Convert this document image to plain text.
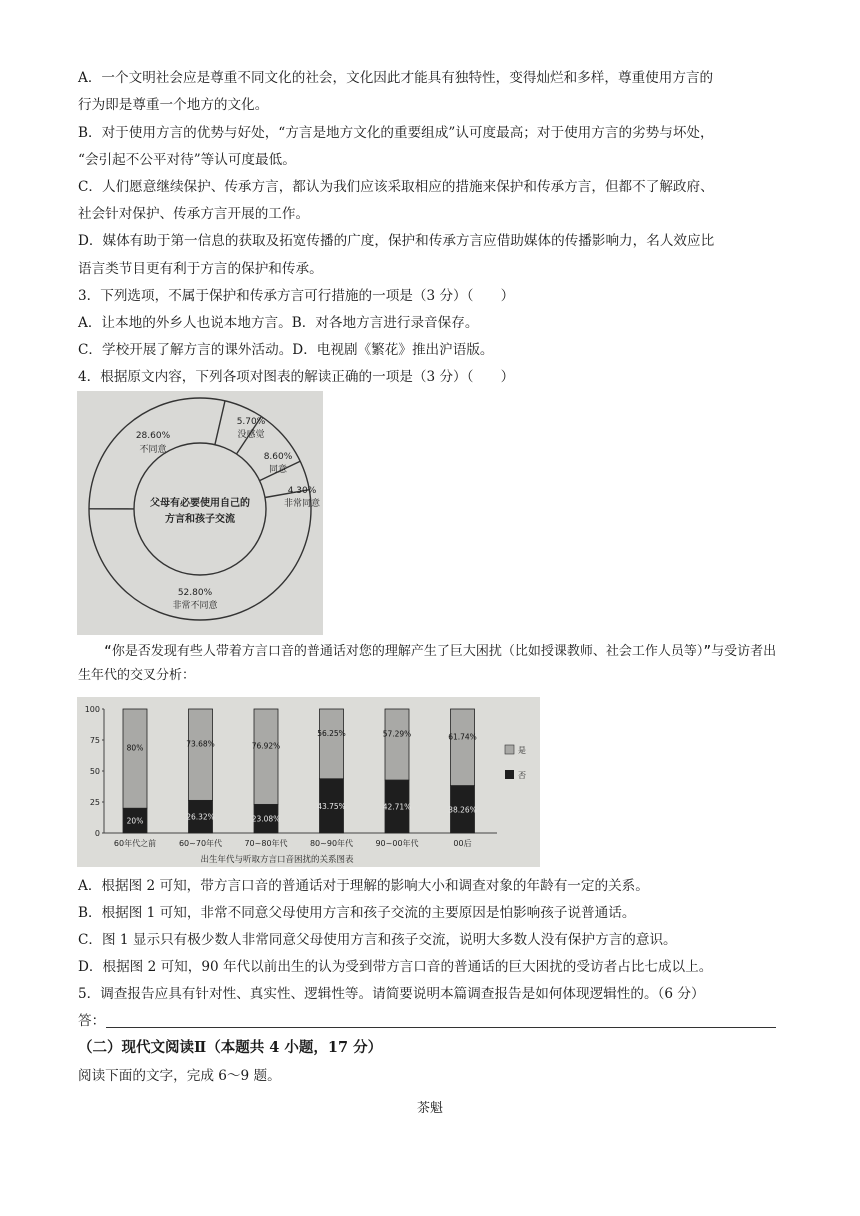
A．一个文明社会应是尊重不同文化的社会，文化因此才能具有独特性，变得灿烂和多样，尊重使用方言的
行为即是尊重一个地方的文化。
B．对于使用方言的优势与好处，“方言是地方文化的重要组成”认可度最高；对于使用方言的劣势与坏处，
“会引起不公平对待”等认可度最低。
C．人们愿意继续保护、传承方言，都认为我们应该采取相应的措施来保护和传承方言，但都不了解政府、
社会针对保护、传承方言开展的工作。
D．媒体有助于第一信息的获取及拓宽传播的广度，保护和传承方言应借助媒体的传播影响力，名人效应比
语言类节目更有利于方言的保护和传承。
3．下列选项，不属于保护和传承方言可行措施的一项是（3 分）（　　）
A．让本地的外乡人也说本地方言。B．对各地方言进行录音保存。
C．学校开展了解方言的课外活动。D．电视剧《繁花》推出沪语版。
4．根据原文内容，下列各项对图表的解读正确的一项是（3 分）（　　）
父母有必要使用自己的
方言和孩子交流
4.30%
非常同意
8.60%
同意
5.70%
没感觉
28.60%
不同意
52.80%
非常不同意
“你是否发现有些人带着方言口音的普通话对您的理解产生了巨大困扰（比如授课教师、社会工作人员等）”与受访者出生年代的交叉分析：
0
25
50
75
100
80%
20%
73.68%
26.32%
76.92%
23.08%
56.25%
43.75%
57.29%
42.71%
61.74%
38.26%
60年代之前	60~70年代	70~80年代	80~90年代	90~00年代	00后
是
否
出生年代与听取方言口音困扰的关系图表
A．根据图 2 可知，带方言口音的普通话对于理解的影响大小和调查对象的年龄有一定的关系。
B．根据图 1 可知，非常不同意父母使用方言和孩子交流的主要原因是怕影响孩子说普通话。
C．图 1 显示只有极少数人非常同意父母使用方言和孩子交流，说明大多数人没有保护方言的意识。
D．根据图 2 可知，90 年代以前出生的认为受到带方言口音的普通话的巨大困扰的受访者占比七成以上。
5．调查报告应具有针对性、真实性、逻辑性等。请简要说明本篇调查报告是如何体现逻辑性的。（6 分）
答：
（二）现代文阅读Ⅱ（本题共 4 小题，17 分）
阅读下面的文字，完成 6～9 题。
茶魁
